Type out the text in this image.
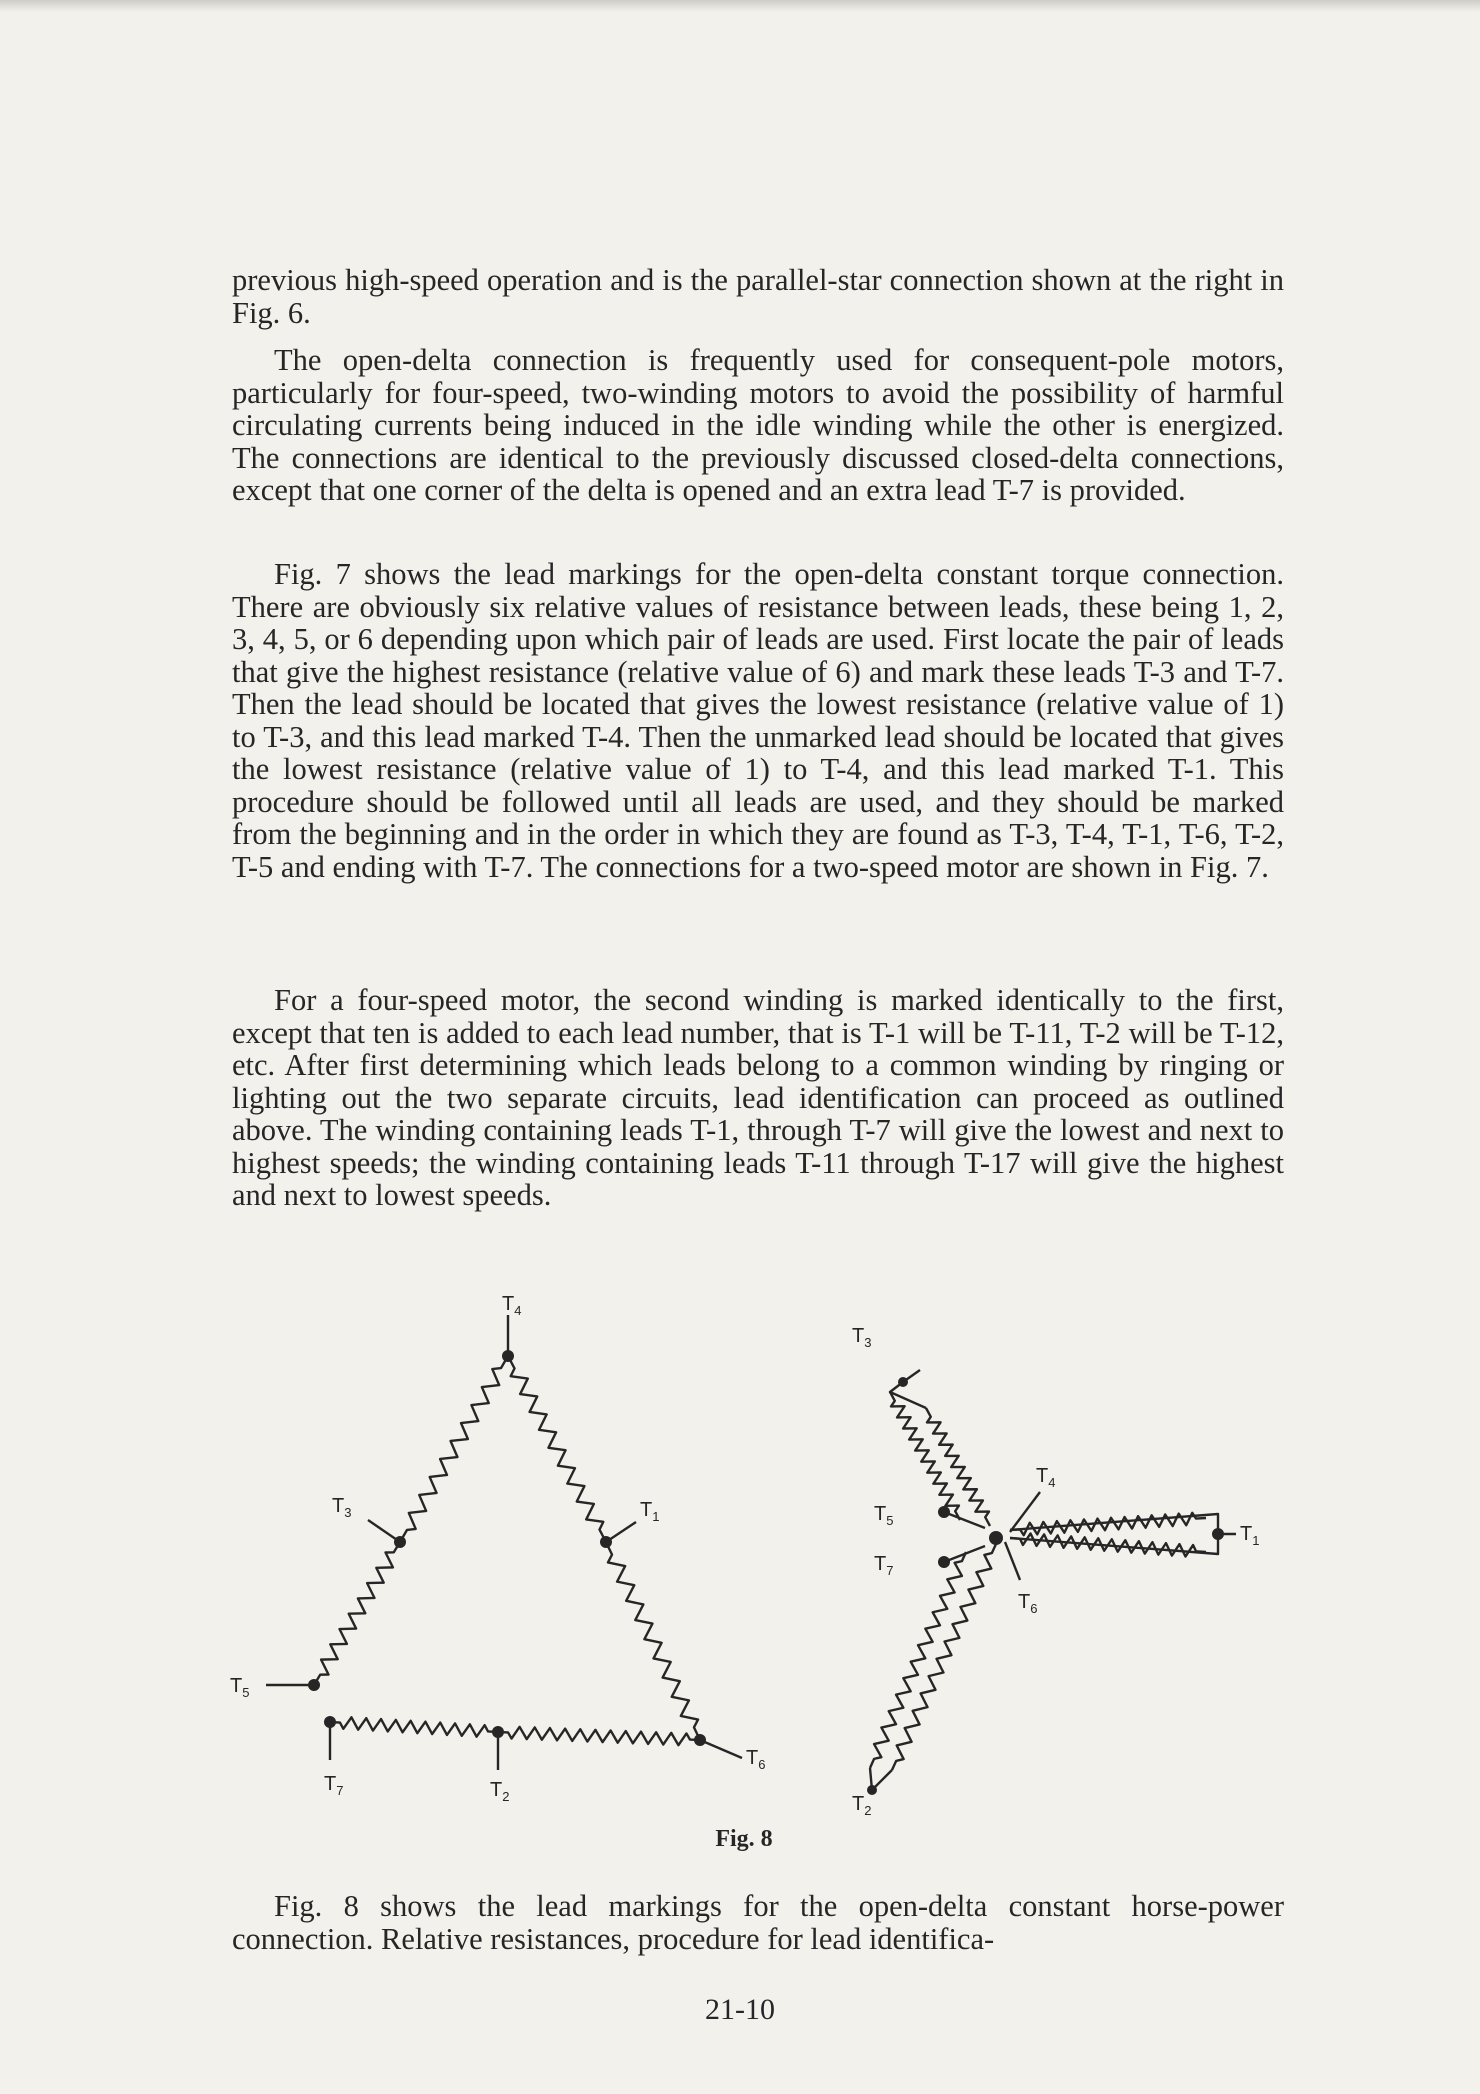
previous high-speed operation and is the parallel-star connection shown at the right in Fig. 6.

The open-delta connection is frequently used for consequent-pole motors, particularly for four-speed, two-winding motors to avoid the possibility of harmful circulating currents being induced in the idle winding while the other is energized. The connections are identical to the previously discussed closed-delta connections, except that one corner of the delta is opened and an extra lead T-7 is provided.

Fig. 7 shows the lead markings for the open-delta constant torque connection. There are obviously six relative values of resistance between leads, these being 1, 2, 3, 4, 5, or 6 depending upon which pair of leads are used. First locate the pair of leads that give the highest resistance (relative value of 6) and mark these leads T-3 and T-7. Then the lead should be located that gives the lowest resistance (relative value of 1) to T-3, and this lead marked T-4. Then the unmarked lead should be located that gives the lowest resistance (relative value of 1) to T-4, and this lead marked T-1. This procedure should be followed until all leads are used, and they should be marked from the beginning and in the order in which they are found as T-3, T-4, T-1, T-6, T-2, T-5 and ending with T-7. The connections for a two-speed motor are shown in Fig. 7.

For a four-speed motor, the second winding is marked identically to the first, except that ten is added to each lead number, that is T-1 will be T-11, T-2 will be T-12, etc. After first determining which leads belong to a common winding by ringing or lighting out the two separate circuits, lead identification can proceed as outlined above. The winding containing leads T-1, through T-7 will give the lowest and next to highest speeds; the winding containing leads T-11 through T-17 will give the highest and next to lowest speeds.

$T_4$
$T_3$	$T_1$
$T_5$
$T_6$
$T_7$	$T_2$
$T_3$
$T_4$
$T_5$
$T_7$
$T_1$
$T_6$
$T_2$
Fig. 8

Fig. 8 shows the lead markings for the open-delta constant horse-power connection. Relative resistances, procedure for lead identifica-

21-10
